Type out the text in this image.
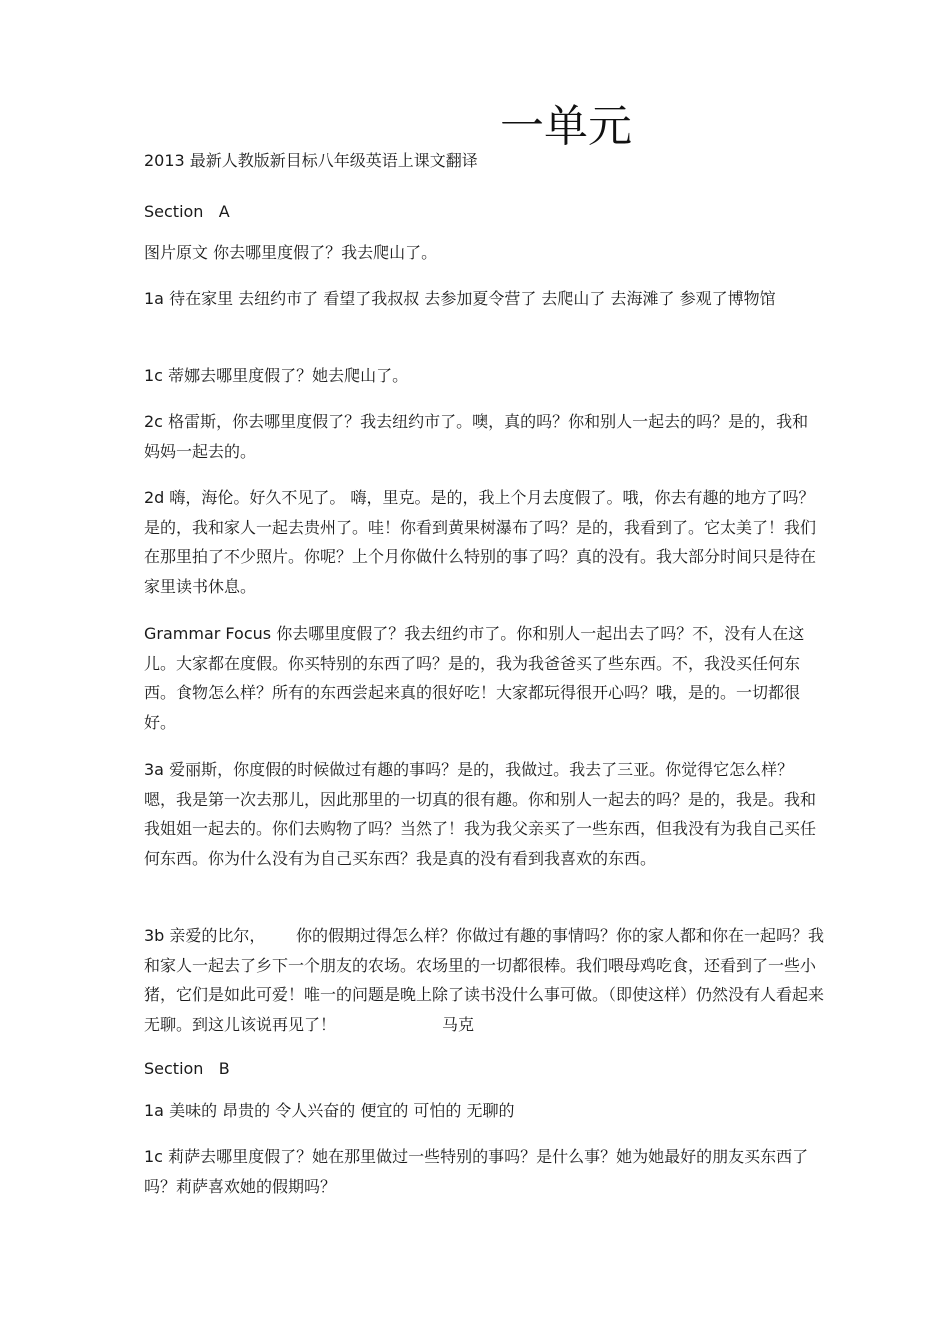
一单元

2013 最新人教版新目标八年级英语上课文翻译

Section   A

图片原文 你去哪里度假了？我去爬山了。

1a 待在家里 去纽约市了 看望了我叔叔 去参加夏令营了 去爬山了 去海滩了 参观了博物馆

1c 蒂娜去哪里度假了？她去爬山了。

2c 格雷斯，你去哪里度假了？我去纽约市了。噢，真的吗？你和别人一起去的吗？是的，我和妈妈一起去的。

2d 嗨，海伦。好久不见了。 嗨，里克。是的，我上个月去度假了。哦，你去有趣的地方了吗？是的，我和家人一起去贵州了。哇！你看到黄果树瀑布了吗？是的，我看到了。它太美了！我们在那里拍了不少照片。你呢？上个月你做什么特别的事了吗？真的没有。我大部分时间只是待在家里读书休息。

Grammar Focus 你去哪里度假了？我去纽约市了。你和别人一起出去了吗？不，没有人在这儿。大家都在度假。你买特别的东西了吗？是的，我为我爸爸买了些东西。不，我没买任何东西。食物怎么样？所有的东西尝起来真的很好吃！大家都玩得很开心吗？哦，是的。一切都很好。

3a 爱丽斯，你度假的时候做过有趣的事吗？是的，我做过。我去了三亚。你觉得它怎么样？嗯，我是第一次去那儿，因此那里的一切真的很有趣。你和别人一起去的吗？是的，我是。我和我姐姐一起去的。你们去购物了吗？当然了！我为我父亲买了一些东西，但我没有为我自己买任何东西。你为什么没有为自己买东西？我是真的没有看到我喜欢的东西。

3b 亲爱的比尔，      你的假期过得怎么样？你做过有趣的事情吗？你的家人都和你在一起吗？我和家人一起去了乡下一个朋友的农场。农场里的一切都很棒。我们喂母鸡吃食，还看到了一些小猪，它们是如此可爱！唯一的问题是晚上除了读书没什么事可做。（即使这样）仍然没有人看起来无聊。到这儿该说再见了！	马克

Section   B

1a 美味的 昂贵的 令人兴奋的 便宜的 可怕的 无聊的

1c 莉萨去哪里度假了？她在那里做过一些特别的事吗？是什么事？她为她最好的朋友买东西了吗？莉萨喜欢她的假期吗？
